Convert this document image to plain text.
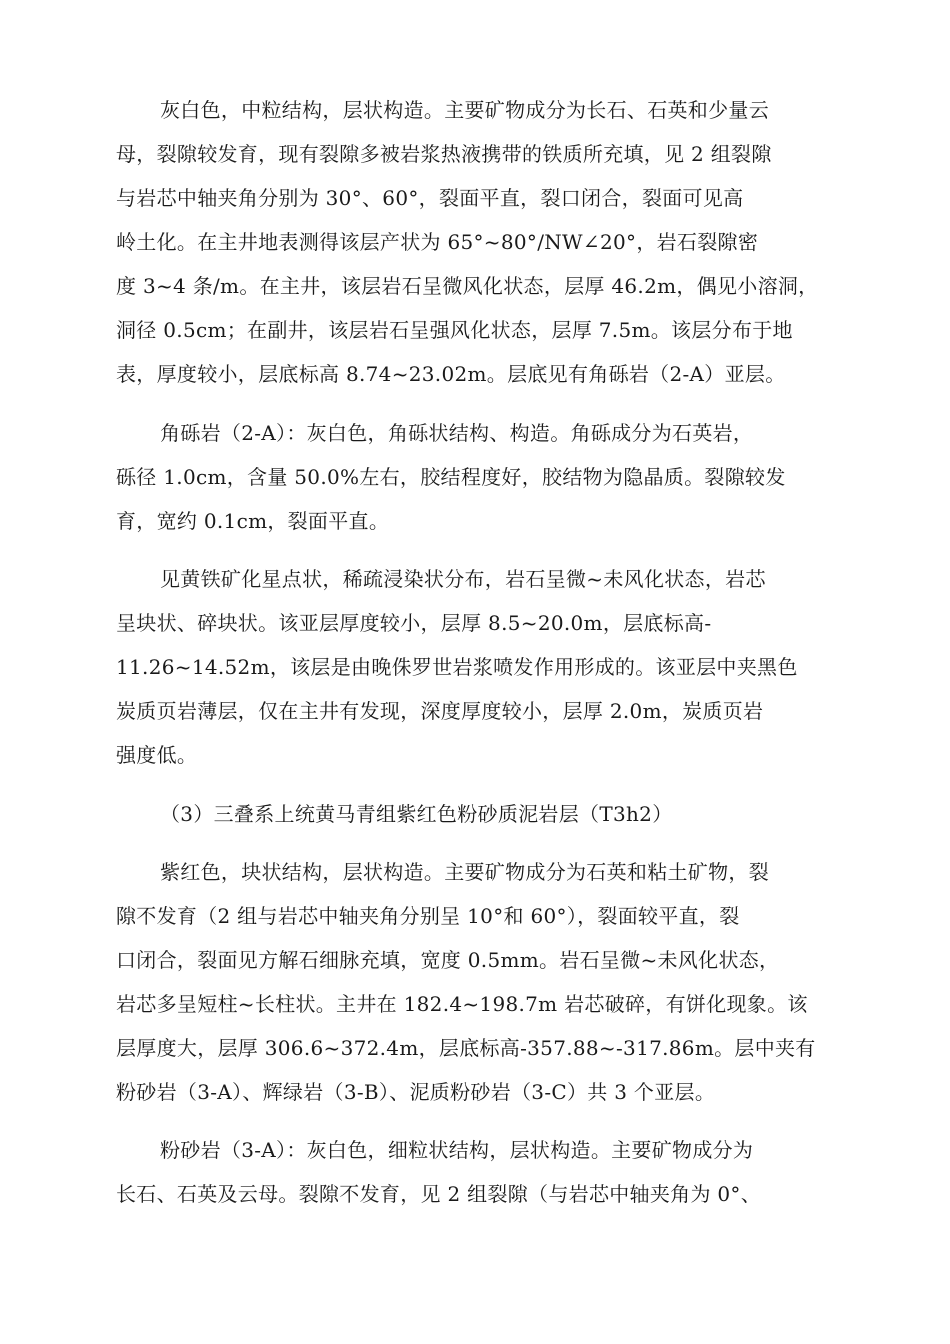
灰白色，中粒结构，层状构造。主要矿物成分为长石、石英和少量云
母，裂隙较发育，现有裂隙多被岩浆热液携带的铁质所充填，见 2 组裂隙
与岩芯中轴夹角分别为 30°、60°，裂面平直，裂口闭合，裂面可见高
岭土化。在主井地表测得该层产状为 65°~80°/NW∠20°，岩石裂隙密
度 3~4 条/m。在主井，该层岩石呈微风化状态，层厚 46.2m，偶见小溶洞，
洞径 0.5cm；在副井，该层岩石呈强风化状态，层厚 7.5m。该层分布于地
表，厚度较小，层底标高 8.74~23.02m。层底见有角砾岩（2-A）亚层。
角砾岩（2-A）：灰白色，角砾状结构、构造。角砾成分为石英岩，
砾径 1.0cm，含量 50.0%左右，胶结程度好，胶结物为隐晶质。裂隙较发
育，宽约 0.1cm，裂面平直。
见黄铁矿化星点状，稀疏浸染状分布，岩石呈微~未风化状态，岩芯
呈块状、碎块状。该亚层厚度较小，层厚 8.5~20.0m，层底标高-
11.26~14.52m，该层是由晚侏罗世岩浆喷发作用形成的。该亚层中夹黑色
炭质页岩薄层，仅在主井有发现，深度厚度较小，层厚 2.0m，炭质页岩
强度低。
（3）三叠系上统黄马青组紫红色粉砂质泥岩层（T3h2）
紫红色，块状结构，层状构造。主要矿物成分为石英和粘土矿物，裂
隙不发育（2 组与岩芯中轴夹角分别呈 10°和 60°），裂面较平直，裂
口闭合，裂面见方解石细脉充填，宽度 0.5mm。岩石呈微~未风化状态，
岩芯多呈短柱~长柱状。主井在 182.4~198.7m 岩芯破碎，有饼化现象。该
层厚度大，层厚 306.6~372.4m，层底标高-357.88~-317.86m。层中夹有
粉砂岩（3-A）、辉绿岩（3-B）、泥质粉砂岩（3-C）共 3 个亚层。
粉砂岩（3-A）：灰白色，细粒状结构，层状构造。主要矿物成分为
长石、石英及云母。裂隙不发育，见 2 组裂隙（与岩芯中轴夹角为 0°、
